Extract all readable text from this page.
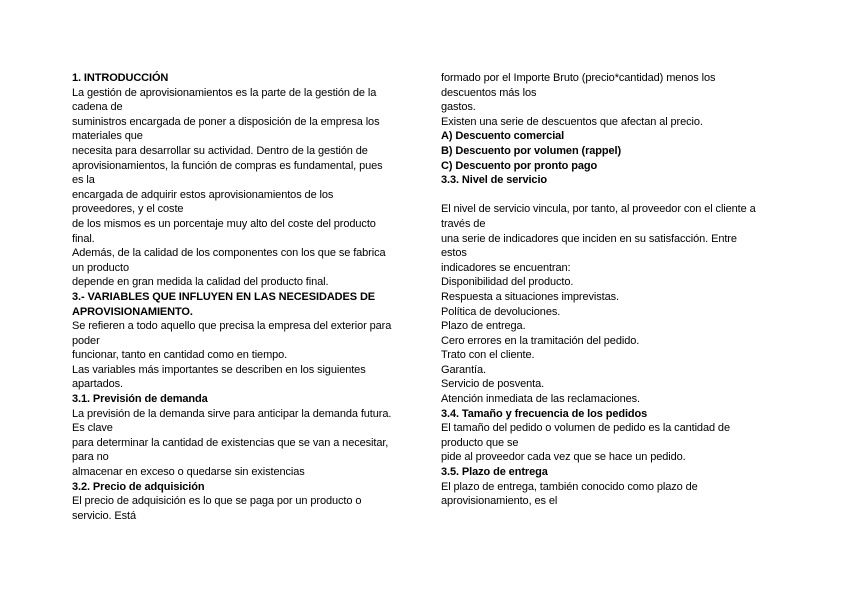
1. INTRODUCCIÓN
La gestión de aprovisionamientos es la parte de la gestión de la
cadena de
suministros encargada de poner a disposición de la empresa los
materiales que
necesita para desarrollar su actividad. Dentro de la gestión de
aprovisionamientos, la función de compras es fundamental, pues
es la
encargada de adquirir estos aprovisionamientos de los
proveedores, y el coste
de los mismos es un porcentaje muy alto del coste del producto
final.
Además, de la calidad de los componentes con los que se fabrica
un producto
depende en gran medida la calidad del producto final.
3.- VARIABLES QUE INFLUYEN EN LAS NECESIDADES DE
APROVISIONAMIENTO.
Se refieren a todo aquello que precisa la empresa del exterior para
poder
funcionar, tanto en cantidad como en tiempo.
Las variables más importantes se describen en los siguientes
apartados.
3.1. Previsión de demanda
La previsión de la demanda sirve para anticipar la demanda futura.
Es clave
para determinar la cantidad de existencias que se van a necesitar,
para no
almacenar en exceso o quedarse sin existencias
3.2. Precio de adquisición
El precio de adquisición es lo que se paga por un producto o
servicio. Está
formado por el Importe Bruto (precio*cantidad) menos los
descuentos más los
gastos.
Existen una serie de descuentos que afectan al precio.
A) Descuento comercial
B) Descuento por volumen (rappel)
C) Descuento por pronto pago
3.3. Nivel de servicio
El nivel de servicio vincula, por tanto, al proveedor con el cliente a
través de
una serie de indicadores que inciden en su satisfacción. Entre
estos
indicadores se encuentran:
Disponibilidad del producto.
Respuesta a situaciones imprevistas.
Política de devoluciones.
Plazo de entrega.
Cero errores en la tramitación del pedido.
Trato con el cliente.
Garantía.
Servicio de posventa.
Atención inmediata de las reclamaciones.
3.4. Tamaño y frecuencia de los pedidos
El tamaño del pedido o volumen de pedido es la cantidad de
producto que se
pide al proveedor cada vez que se hace un pedido.
3.5. Plazo de entrega
El plazo de entrega, también conocido como plazo de
aprovisionamiento, es el
